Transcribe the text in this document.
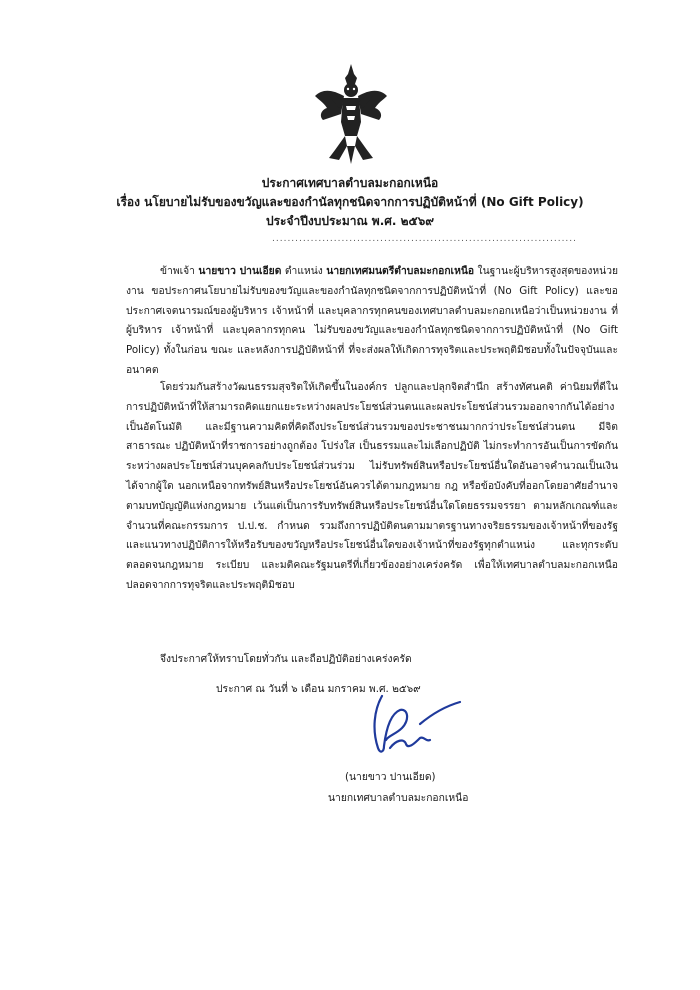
ประกาศเทศบาลตำบลมะกอกเหนือ
เรื่อง นโยบายไม่รับของขวัญและของกำนัลทุกชนิดจากการปฏิบัติหน้าที่ (No Gift Policy)
ประจำปีงบประมาณ พ.ศ. ๒๕๖๙
...............................................................................
ข้าพเจ้า นายขาว ปานเอียด ตำแหน่ง นายกเทศมนตรีตำบลมะกอกเหนือ ในฐานะผู้บริหารสูงสุดของหน่วยงาน ขอประกาศนโยบายไม่รับของขวัญและของกำนัลทุกชนิดจากการปฏิบัติหน้าที่ (No Gift Policy) และขอประกาศเจตนารมณ์ของผู้บริหาร เจ้าหน้าที่ และบุคลากรทุกคนของเทศบาลตำบลมะกอกเหนือว่าเป็นหน่วยงาน ที่ผู้บริหาร เจ้าหน้าที่ และบุคลากรทุกคน ไม่รับของขวัญและของกำนัลทุกชนิดจากการปฏิบัติหน้าที่ (No Gift Policy) ทั้งในก่อน ขณะ และหลังการปฏิบัติหน้าที่ ที่จะส่งผลให้เกิดการทุจริตและประพฤติมิชอบทั้งในปัจจุบันและอนาคต
โดยร่วมกันสร้างวัฒนธรรมสุจริตให้เกิดขึ้นในองค์กร ปลูกและปลุกจิตสำนึก สร้างทัศนคติ ค่านิยมที่ดีในการปฏิบัติหน้าที่ให้สามารถคิดแยกแยะระหว่างผลประโยชน์ส่วนตนและผลประโยชน์ส่วนรวมออกจากกันได้อย่างเป็นอัตโนมัติ และมีฐานความคิดที่คิดถึงประโยชน์ส่วนรวมของประชาชนมากกว่าประโยชน์ส่วนตน มีจิตสาธารณะ ปฏิบัติหน้าที่ราชการอย่างถูกต้อง โปร่งใส เป็นธรรมและไม่เลือกปฏิบัติ ไม่กระทำการอันเป็นการขัดกันระหว่างผลประโยชน์ส่วนบุคคลกับประโยชน์ส่วนร่วม ไม่รับทรัพย์สินหรือประโยชน์อื่นใดอันอาจคำนวณเป็นเงินได้จากผู้ใด นอกเหนือจากทรัพย์สินหรือประโยชน์อันควรได้ตามกฎหมาย กฎ หรือข้อบังคับที่ออกโดยอาศัยอำนาจตามบทบัญญัติแห่งกฎหมาย เว้นแต่เป็นการรับทรัพย์สินหรือประโยชน์อื่นใดโดยธรรมจรรยา ตามหลักเกณฑ์และจำนวนที่คณะกรรมการ ป.ป.ช. กำหนด รวมถึงการปฏิบัติตนตามมาตรฐานทางจริยธรรมของเจ้าหน้าที่ของรัฐ และแนวทางปฏิบัติการให้หรือรับของขวัญหรือประโยชน์อื่นใดของเจ้าหน้าที่ของรัฐทุกตำแหน่ง และทุกระดับ ตลอดจนกฎหมาย ระเบียบ และมติคณะรัฐมนตรีที่เกี่ยวข้องอย่างเคร่งครัด เพื่อให้เทศบาลตำบลมะกอกเหนือ ปลอดจากการทุจริตและประพฤติมิชอบ
จึงประกาศให้ทราบโดยทั่วกัน และถือปฏิบัติอย่างเคร่งครัด
ประกาศ ณ วันที่ ๖ เดือน มกราคม พ.ศ. ๒๕๖๙
(นายขาว ปานเอียด)
นายกเทศบาลตำบลมะกอกเหนือ
